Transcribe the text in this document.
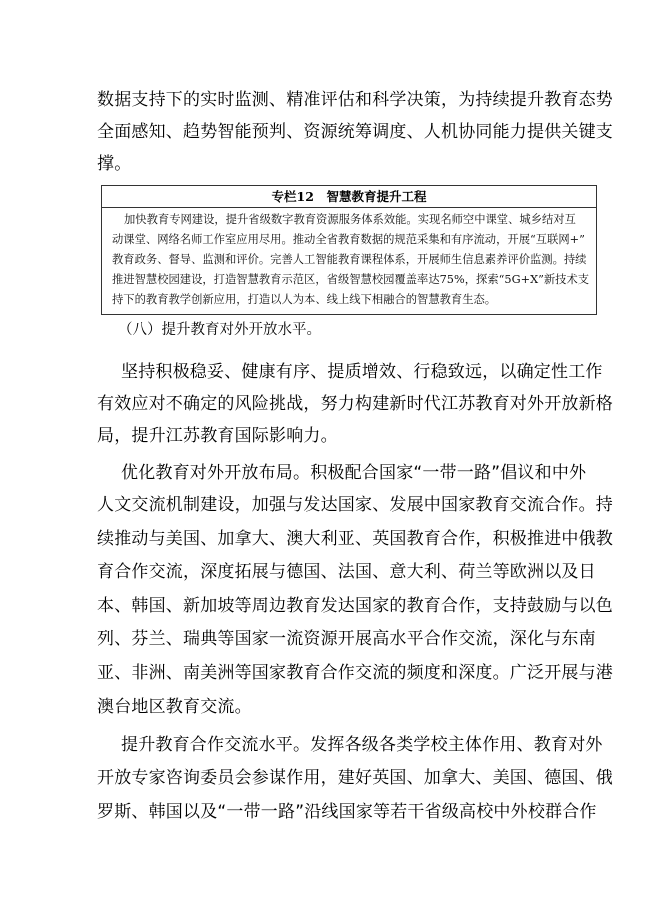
数据支持下的实时监测、精准评估和科学决策，为持续提升教育态势
全面感知、趋势智能预判、资源统筹调度、人机协同能力提供关键支
撑。
专栏12　智慧教育提升工程
加快教育专网建设，提升省级数字教育资源服务体系效能。实现名师空中课堂、城乡结对互
动课堂、网络名师工作室应用尽用。推动全省教育数据的规范采集和有序流动，开展“互联网+”
教育政务、督导、监测和评价。完善人工智能教育课程体系，开展师生信息素养评价监测。持续
推进智慧校园建设，打造智慧教育示范区，省级智慧校园覆盖率达75%，探索“5G+X”新技术支
持下的教育教学创新应用，打造以人为本、线上线下相融合的智慧教育生态。
（八）提升教育对外开放水平。
坚持积极稳妥、健康有序、提质增效、行稳致远，以确定性工作
有效应对不确定的风险挑战，努力构建新时代江苏教育对外开放新格
局，提升江苏教育国际影响力。
优化教育对外开放布局。积极配合国家“一带一路”倡议和中外
人文交流机制建设，加强与发达国家、发展中国家教育交流合作。持
续推动与美国、加拿大、澳大利亚、英国教育合作，积极推进中俄教
育合作交流，深度拓展与德国、法国、意大利、荷兰等欧洲以及日
本、韩国、新加坡等周边教育发达国家的教育合作，支持鼓励与以色
列、芬兰、瑞典等国家一流资源开展高水平合作交流，深化与东南
亚、非洲、南美洲等国家教育合作交流的频度和深度。广泛开展与港
澳台地区教育交流。
提升教育合作交流水平。发挥各级各类学校主体作用、教育对外
开放专家咨询委员会参谋作用，建好英国、加拿大、美国、德国、俄
罗斯、韩国以及“一带一路”沿线国家等若干省级高校中外校群合作
